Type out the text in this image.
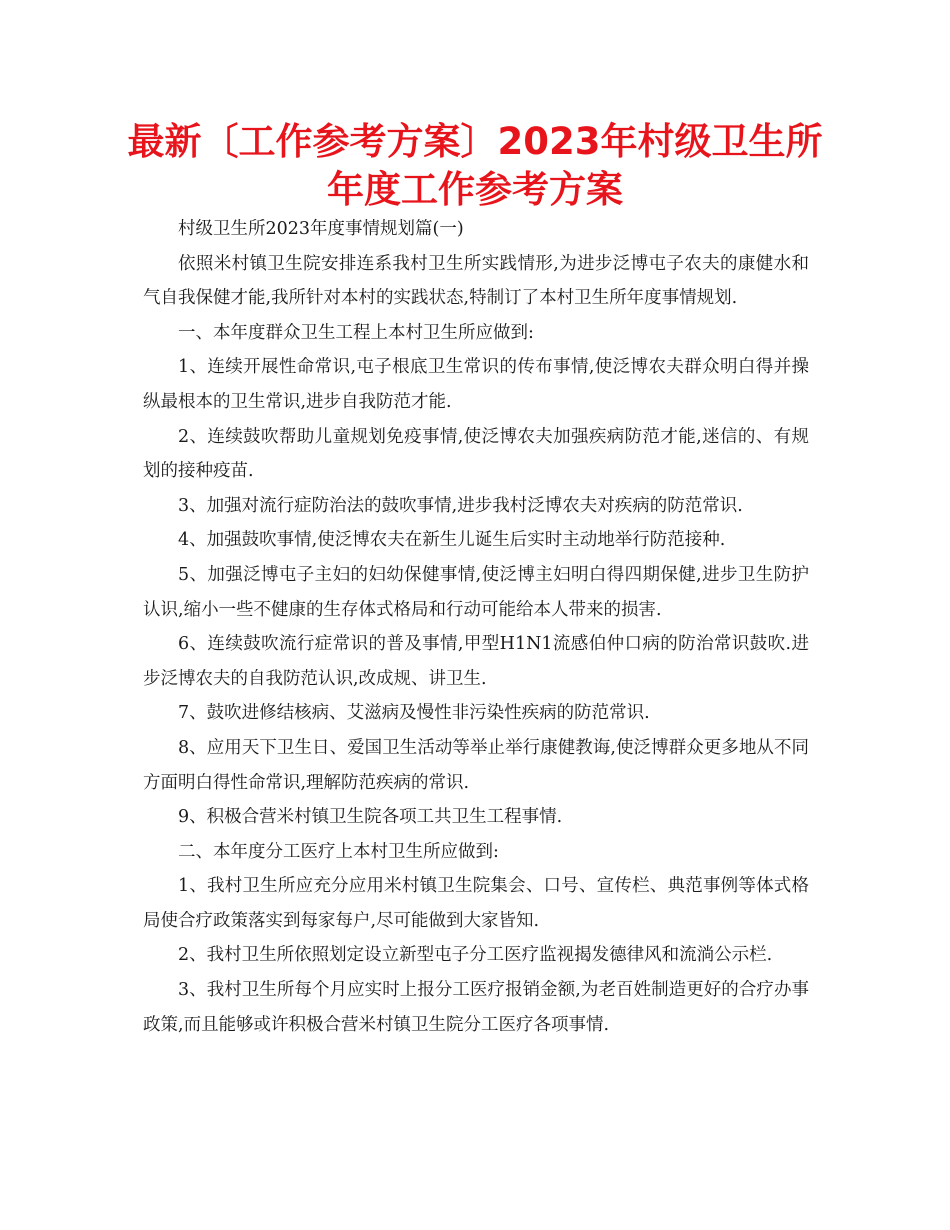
最新〔工作参考方案〕2023年村级卫生所
年度工作参考方案

村级卫生所2023年度事情规划篇(一)

依照米村镇卫生院安排连系我村卫生所实践情形,为进步泛博屯子农夫的康健水和气自我保健才能,我所针对本村的实践状态,特制订了本村卫生所年度事情规划.

一、本年度群众卫生工程上本村卫生所应做到:

1、连续开展性命常识,屯子根底卫生常识的传布事情,使泛博农夫群众明白得并操纵最根本的卫生常识,进步自我防范才能.

2、连续鼓吹帮助儿童规划免疫事情,使泛博农夫加强疾病防范才能,迷信的、有规划的接种疫苗.

3、加强对流行症防治法的鼓吹事情,进步我村泛博农夫对疾病的防范常识.

4、加强鼓吹事情,使泛博农夫在新生儿诞生后实时主动地举行防范接种.

5、加强泛博屯子主妇的妇幼保健事情,使泛博主妇明白得四期保健,进步卫生防护认识,缩小一些不健康的生存体式格局和行动可能给本人带来的损害.

6、连续鼓吹流行症常识的普及事情,甲型H1N1流感伯仲口病的防治常识鼓吹.进步泛博农夫的自我防范认识,改成规、讲卫生.

7、鼓吹进修结核病、艾滋病及慢性非污染性疾病的防范常识.

8、应用天下卫生日、爱国卫生活动等举止举行康健教诲,使泛博群众更多地从不同方面明白得性命常识,理解防范疾病的常识.

9、积极合营米村镇卫生院各项工共卫生工程事情.

二、本年度分工医疗上本村卫生所应做到:

1、我村卫生所应充分应用米村镇卫生院集会、口号、宣传栏、典范事例等体式格局使合疗政策落实到每家每户,尽可能做到大家皆知.

2、我村卫生所依照划定设立新型屯子分工医疗监视揭发德律风和流淌公示栏.

3、我村卫生所每个月应实时上报分工医疗报销金额,为老百姓制造更好的合疗办事政策,而且能够或许积极合营米村镇卫生院分工医疗各项事情.
